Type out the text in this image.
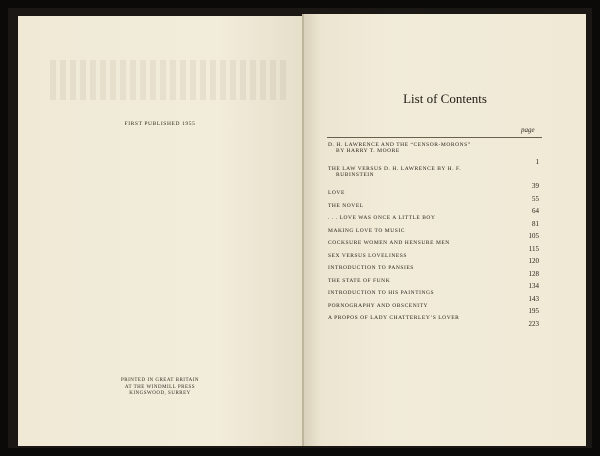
FIRST PUBLISHED 1955
PRINTED IN GREAT BRITAIN
AT THE WINDMILL PRESS
KINGSWOOD, SURREY
List of Contents
page
D. H. LAWRENCE AND THE “CENSOR-MORONS”
BY HARRY T. MOORE
1
THE LAW VERSUS D. H. LAWRENCE BY H. F.
RUBINSTEIN
39
LOVE
55
THE NOVEL
64
. . . LOVE WAS ONCE A LITTLE BOY
81
MAKING LOVE TO MUSIC
105
COCKSURE WOMEN AND HENSURE MEN
115
SEX VERSUS LOVELINESS
120
INTRODUCTION TO PANSIES
128
THE STATE OF FUNK
134
INTRODUCTION TO HIS PAINTINGS
143
PORNOGRAPHY AND OBSCENITY
195
A PROPOS OF LADY CHATTERLEY’S LOVER
223
